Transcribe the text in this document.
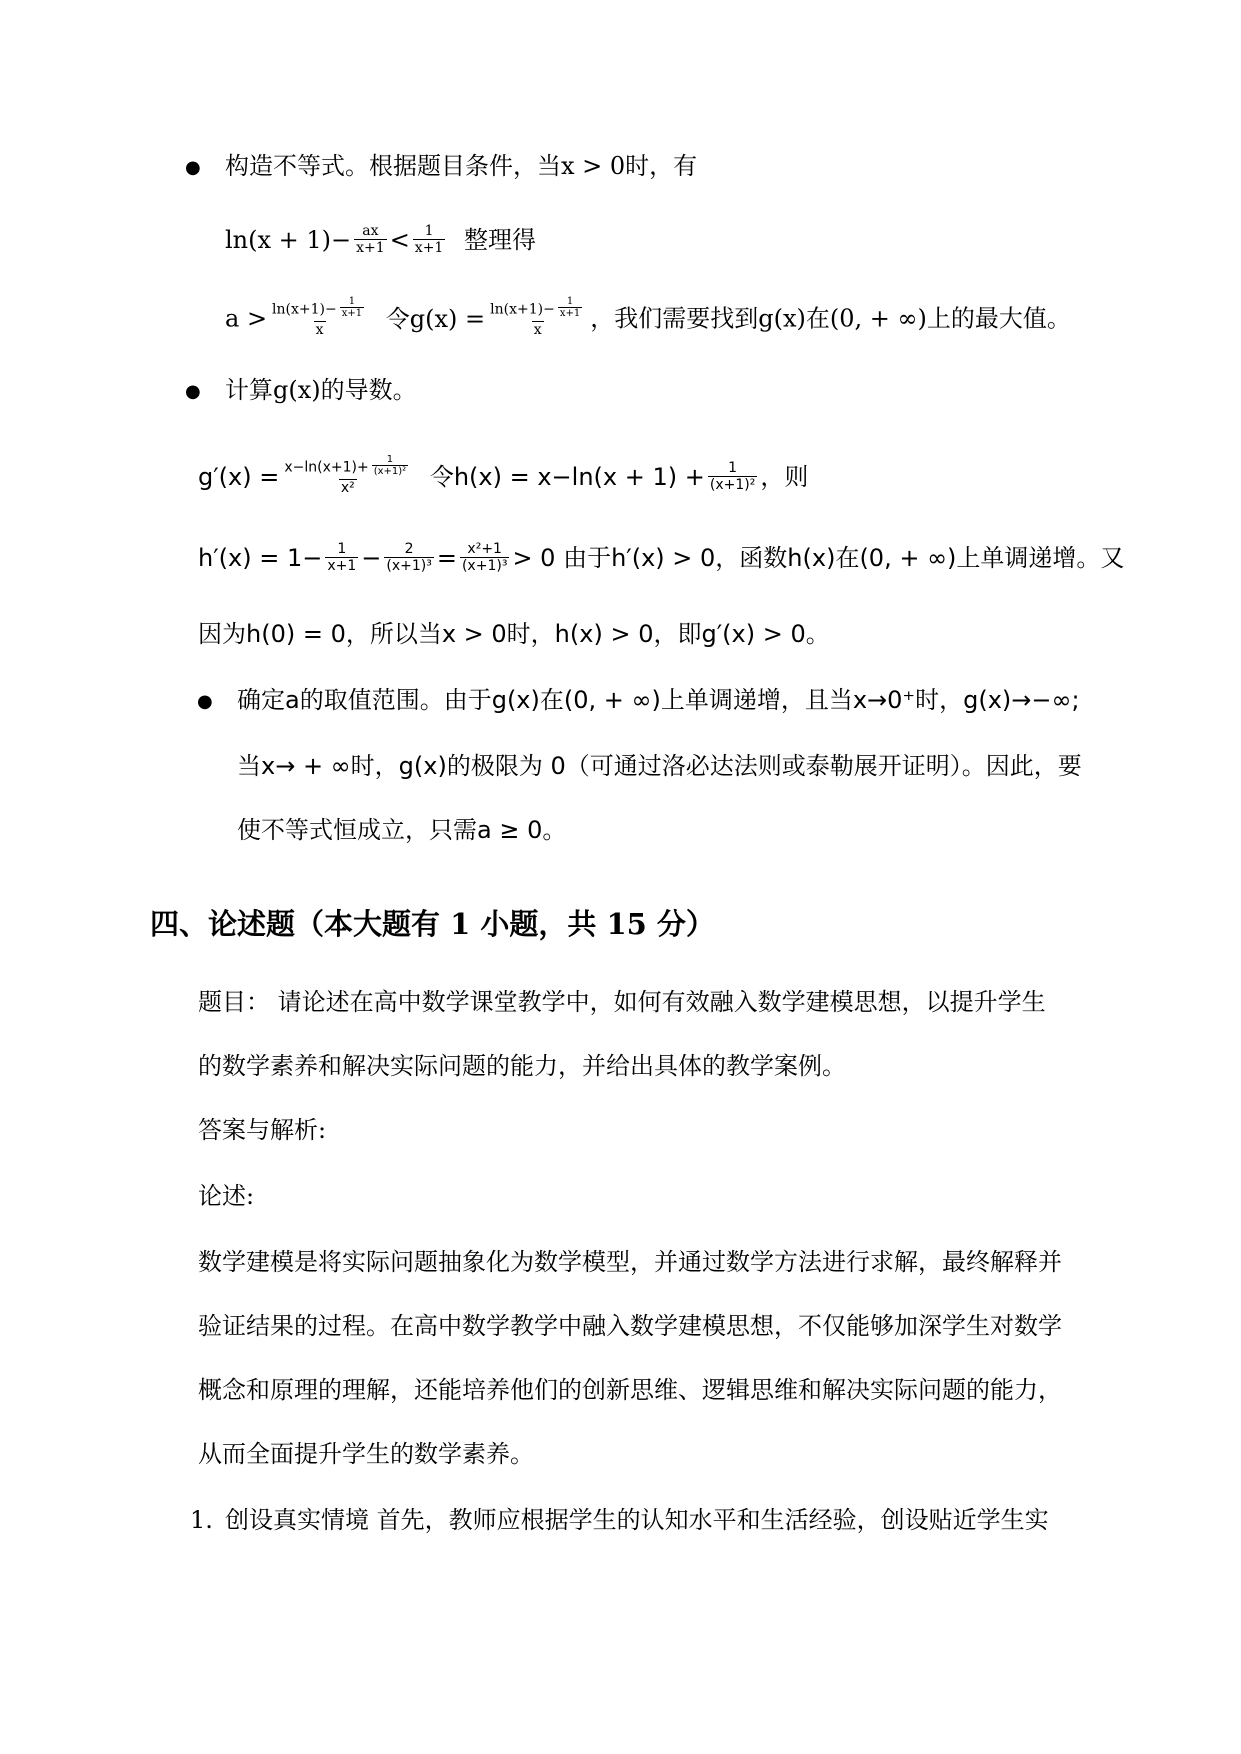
● 构造不等式。根据题目条件，当x > 0时，有
$\ln(x + 1)- \frac{ax}{x+1} < \frac{1}{x+1}$ 整理得
$a > \frac{\ln(x+1)- \frac{1}{x+1}}{x}$ 令$g(x) = \frac{\ln(x+1)- \frac{1}{x+1}}{x}$ ，我们需要找到g(x)在(0, + ∞)上的最大值。
● 计算g(x)的导数。
$g'(x) = \frac{x-\ln(x+1)+ \frac{1}{\text{(x+1)²}}}{\text{x²}}$ 令$h(x) = x-\ln(x + 1) + \frac{1}{\text{(x+1)²}}$ ，则
$h'(x) = 1- \frac{1}{x+1} - \frac{2}{\text{(x+1)³}} = \frac{\text{x²+1}}{\text{(x+1)³}} > 0$ 由于h′(x) > 0，函数h(x)在(0, + ∞)上单调递增。又
因为h(0) = 0，所以当x > 0时，h(x) > 0，即g′(x) > 0。
● 确定a的取值范围。由于g(x)在(0, + ∞)上单调递增，且当x→0⁺时，g(x)→−∞;
当x→ + ∞时，g(x)的极限为 0（可通过洛必达法则或泰勒展开证明）。因此，要
使不等式恒成立，只需a ≥ 0。
四、论述题（本大题有 1 小题，共 15 分）
题目： 请论述在高中数学课堂教学中，如何有效融入数学建模思想，以提升学生
的数学素养和解决实际问题的能力，并给出具体的教学案例。
答案与解析:
论述:
数学建模是将实际问题抽象化为数学模型，并通过数学方法进行求解，最终解释并
验证结果的过程。在高中数学教学中融入数学建模思想，不仅能够加深学生对数学
概念和原理的理解，还能培养他们的创新思维、逻辑思维和解决实际问题的能力，
从而全面提升学生的数学素养。
1. 创设真实情境 首先，教师应根据学生的认知水平和生活经验，创设贴近学生实
